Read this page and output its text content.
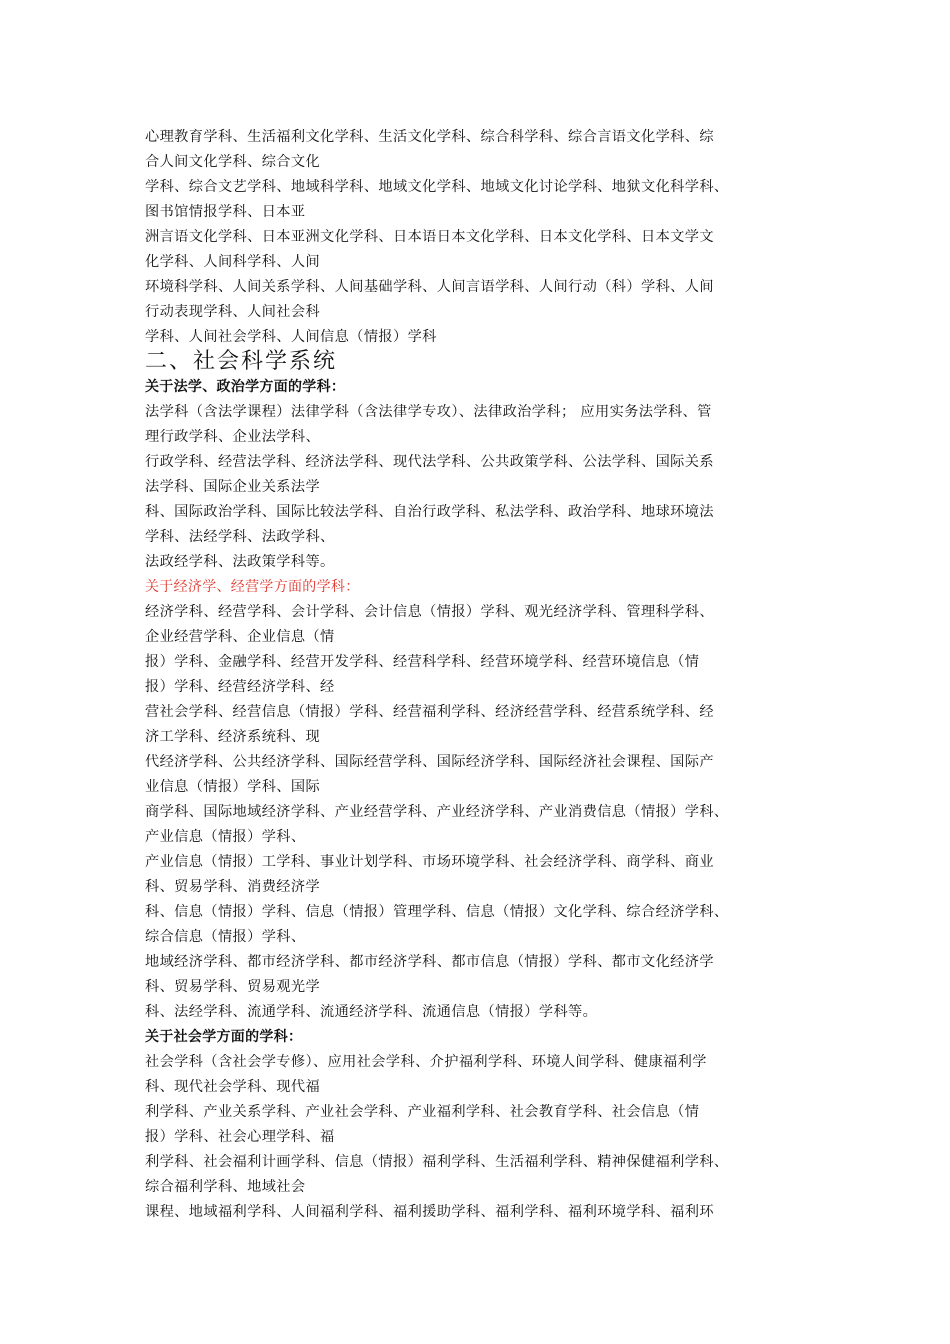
心理教育学科、生活福利文化学科、生活文化学科、综合科学科、综合言语文化学科、综
合人间文化学科、综合文化
学科、综合文艺学科、地域科学科、地域文化学科、地域文化讨论学科、地狱文化科学科、
图书馆情报学科、日本亚
洲言语文化学科、日本亚洲文化学科、日本语日本文化学科、日本文化学科、日本文学文
化学科、人间科学科、人间
环境科学科、人间关系学科、人间基础学科、人间言语学科、人间行动（科）学科、人间
行动表现学科、人间社会科
学科、人间社会学科、人间信息（情报）学科
二、社会科学系统
关于法学、政治学方面的学科：
法学科（含法学课程）法律学科（含法律学专攻）、法律政治学科； 应用实务法学科、管
理行政学科、企业法学科、
行政学科、经营法学科、经济法学科、现代法学科、公共政策学科、公法学科、国际关系
法学科、国际企业关系法学
科、国际政治学科、国际比较法学科、自治行政学科、私法学科、政治学科、地球环境法
学科、法经学科、法政学科、
法政经学科、法政策学科等。
关于经济学、经营学方面的学科：
经济学科、经营学科、会计学科、会计信息（情报）学科、观光经济学科、管理科学科、
企业经营学科、企业信息（情
报）学科、金融学科、经营开发学科、经营科学科、经营环境学科、经营环境信息（情
报）学科、经营经济学科、经
营社会学科、经营信息（情报）学科、经营福利学科、经济经营学科、经营系统学科、经
济工学科、经济系统科、现
代经济学科、公共经济学科、国际经营学科、国际经济学科、国际经济社会课程、国际产
业信息（情报）学科、国际
商学科、国际地域经济学科、产业经营学科、产业经济学科、产业消费信息（情报）学科、
产业信息（情报）学科、
产业信息（情报）工学科、事业计划学科、市场环境学科、社会经济学科、商学科、商业
科、贸易学科、消费经济学
科、信息（情报）学科、信息（情报）管理学科、信息（情报）文化学科、综合经济学科、
综合信息（情报）学科、
地域经济学科、都市经济学科、都市经济学科、都市信息（情报）学科、都市文化经济学
科、贸易学科、贸易观光学
科、法经学科、流通学科、流通经济学科、流通信息（情报）学科等。
关于社会学方面的学科：
社会学科（含社会学专修）、应用社会学科、介护福利学科、环境人间学科、健康福利学
科、现代社会学科、现代福
利学科、产业关系学科、产业社会学科、产业福利学科、社会教育学科、社会信息（情
报）学科、社会心理学科、福
利学科、社会福利计画学科、信息（情报）福利学科、生活福利学科、精神保健福利学科、
综合福利学科、地域社会
课程、地域福利学科、人间福利学科、福利援助学科、福利学科、福利环境学科、福利环
